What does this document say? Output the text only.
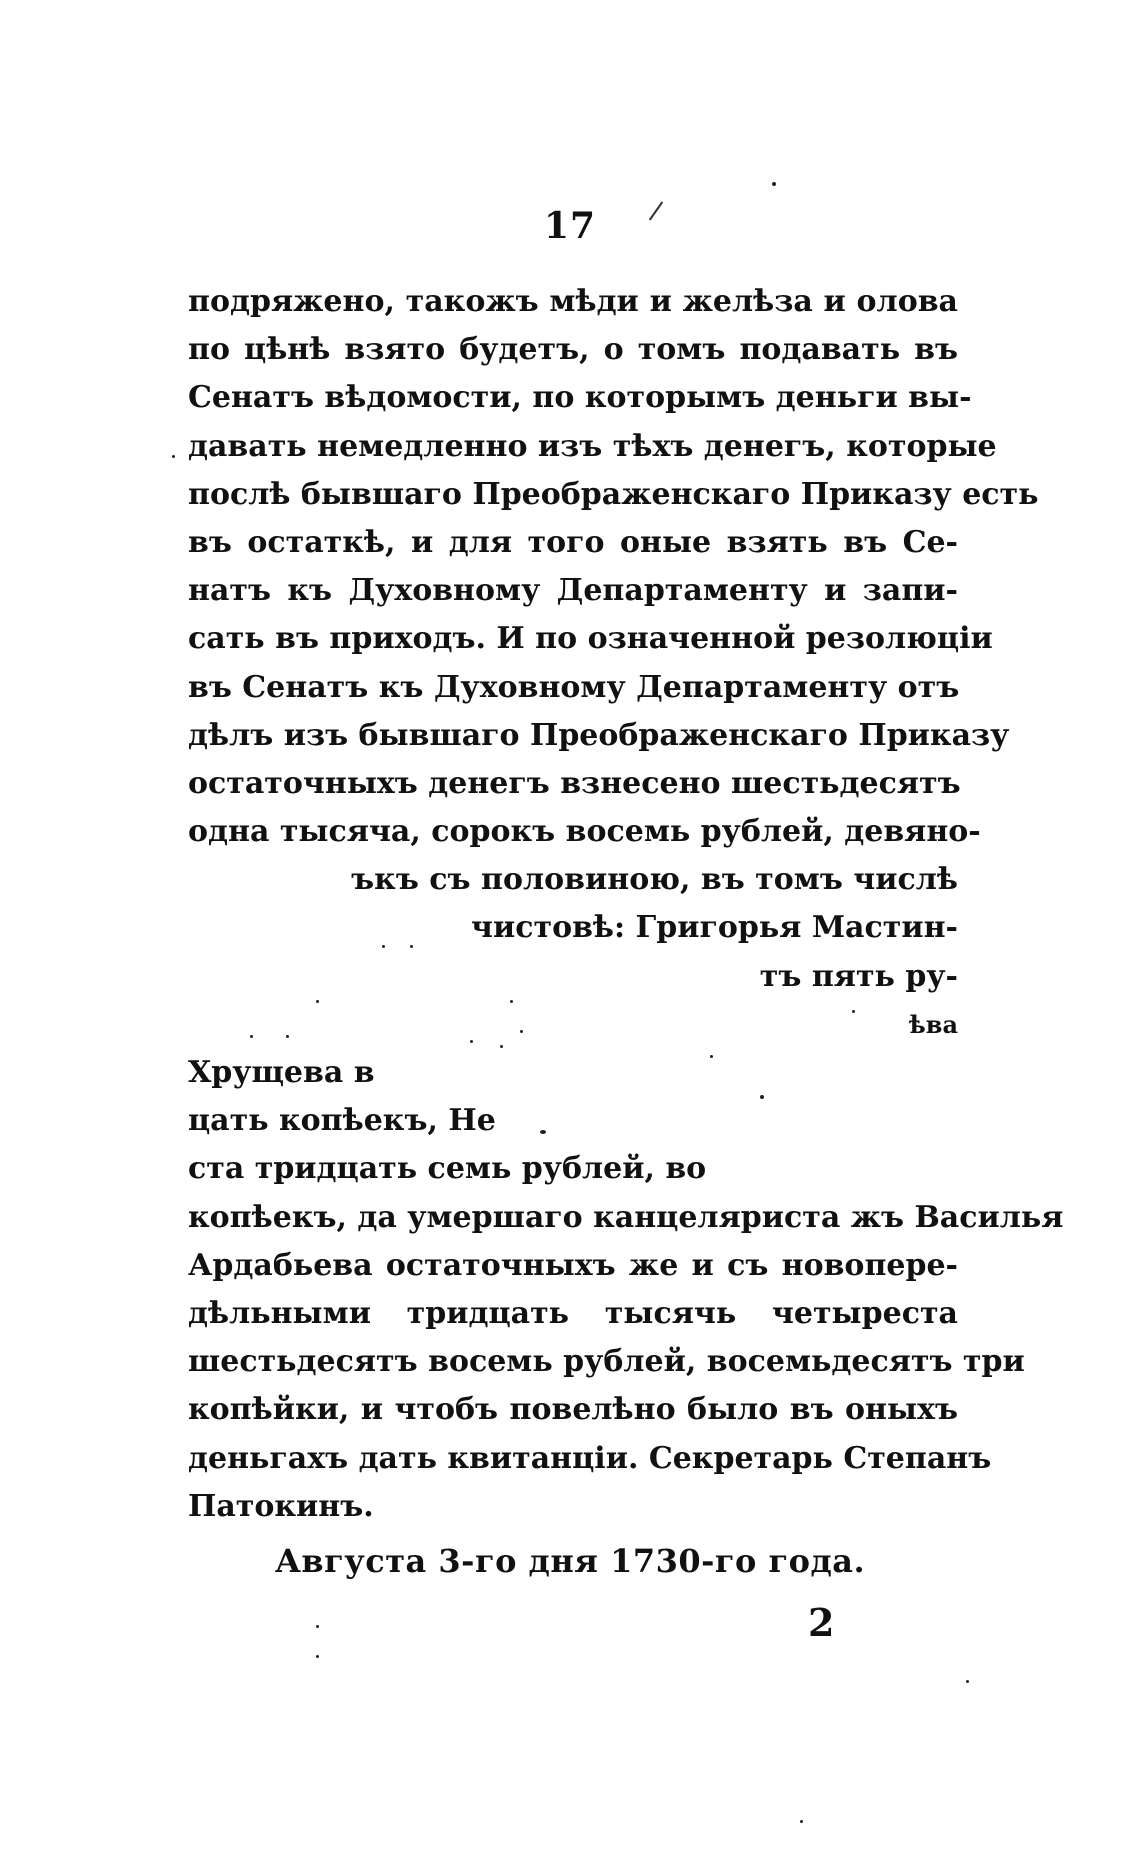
17
подряжено, такожъ мѣди и желѣза и олова
по цѣнѣ взято будетъ, о томъ подавать въ
Сенатъ вѣдомости, по которымъ деньги вы-
давать немедленно изъ тѣхъ денегъ, которые
послѣ бывшаго Преображенскаго Приказу есть
въ остаткѣ, и для того оные взять въ Се-
натъ къ Духовному Департаменту и запи-
сать въ приходъ. И по означенной резолюціи
въ Сенатъ къ Духовному Департаменту отъ
дѣлъ изъ бывшаго Преображенскаго Приказу
остаточныхъ денегъ взнесено шестьдесятъ
одна тысяча, сорокъ восемь рублей, девяно-
ъкъ съ половиною, въ томъ числѣ
чистовѣ: Григорья Мастин-
тъ пять ру-
ѣва
Хрущева в
цать копѣекъ, Не
ста тридцать семь рублей, во
копѣекъ, да умершаго канцеляриста жъ Василья
Ардабьева остаточныхъ же и съ новопере-
дѣльными тридцать тысячь четыреста
шестьдесятъ восемь рублей, восемьдесятъ три
копѣйки, и чтобъ повелѣно было въ оныхъ
деньгахъ дать квитанціи. Секретарь Степанъ
Патокинъ.
Августа 3-го дня 1730-го года.
2
